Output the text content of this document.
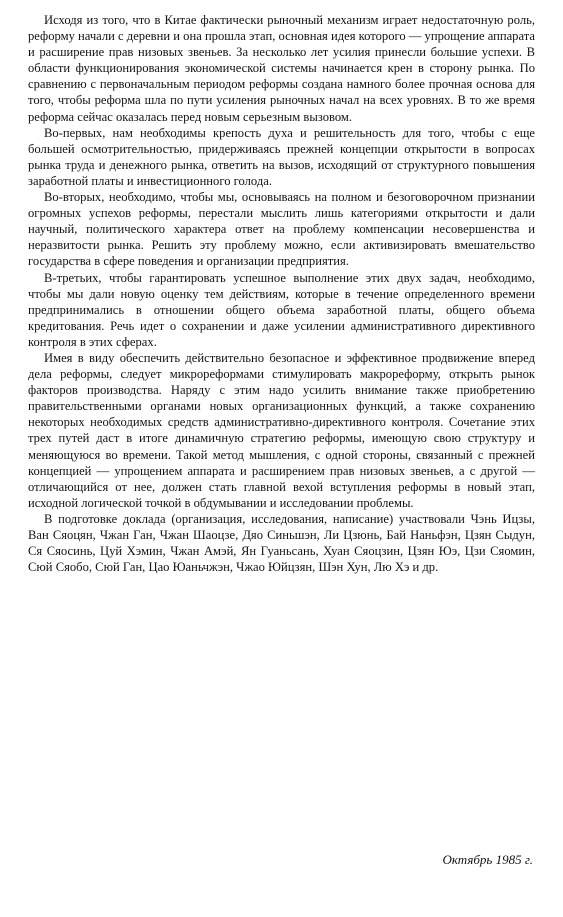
Исходя из того, что в Китае фактически рыночный механизм играет недостаточную роль, реформу начали с деревни и она прошла этап, основная идея которого — упрощение аппарата и расширение прав низовых звеньев. За несколько лет усилия принесли большие успехи. В области функционирования экономической системы начинается крен в сторону рынка. По сравнению с первоначальным периодом реформы создана намного более прочная основа для того, чтобы реформа шла по пути усиления рыночных начал на всех уровнях. В то же время реформа сейчас оказалась перед новым серьезным вызовом.

Во-первых, нам необходимы крепость духа и решительность для того, чтобы с еще большей осмотрительностью, придерживаясь прежней концепции открытости в вопросах рынка труда и денежного рынка, ответить на вызов, исходящий от структурного повышения заработной платы и инвестиционного голода.

Во-вторых, необходимо, чтобы мы, основываясь на полном и безоговорочном признании огромных успехов реформы, перестали мыслить лишь категориями открытости и дали научный, политического характера ответ на проблему компенсации несовершенства и неразвитости рынка. Решить эту проблему можно, если активизировать вмешательство государства в сфере поведения и организации предприятия.

В-третьих, чтобы гарантировать успешное выполнение этих двух задач, необходимо, чтобы мы дали новую оценку тем действиям, которые в течение определенного времени предпринимались в отношении общего объема заработной платы, общего объема кредитования. Речь идет о сохранении и даже усилении административного директивного контроля в этих сферах.

Имея в виду обеспечить действительно безопасное и эффективное продвижение вперед дела реформы, следует микрореформами стимулировать макрореформу, открыть рынок факторов производства. Наряду с этим надо усилить внимание также приобретению правительственными органами новых организационных функций, а также сохранению некоторых необходимых средств административно-директивного контроля. Сочетание этих трех путей даст в итоге динамичную стратегию реформы, имеющую свою структуру и меняющуюся во времени. Такой метод мышления, с одной стороны, связанный с прежней концепцией — упрощением аппарата и расширением прав низовых звеньев, а с другой — отличающийся от нее, должен стать главной вехой вступления реформы в новый этап, исходной логической точкой в обдумывании и исследовании проблемы.

В подготовке доклада (организация, исследования, написание) участвовали Чэнь Ицзы, Ван Сяоцян, Чжан Ган, Чжан Шаоцзе, Дяо Синьшэн, Ли Цзюнь, Бай Наньфэн, Цзян Сыдун, Ся Сяосинь, Цуй Хэмин, Чжан Амэй, Ян Гуаньсань, Хуан Сяоцзин, Цзян Юэ, Цзи Сяомин, Сюй Сяобо, Сюй Ган, Цао Юаньчжэн, Чжао Юйцзян, Шэн Хун, Лю Хэ и др.

Октябрь 1985 г.
